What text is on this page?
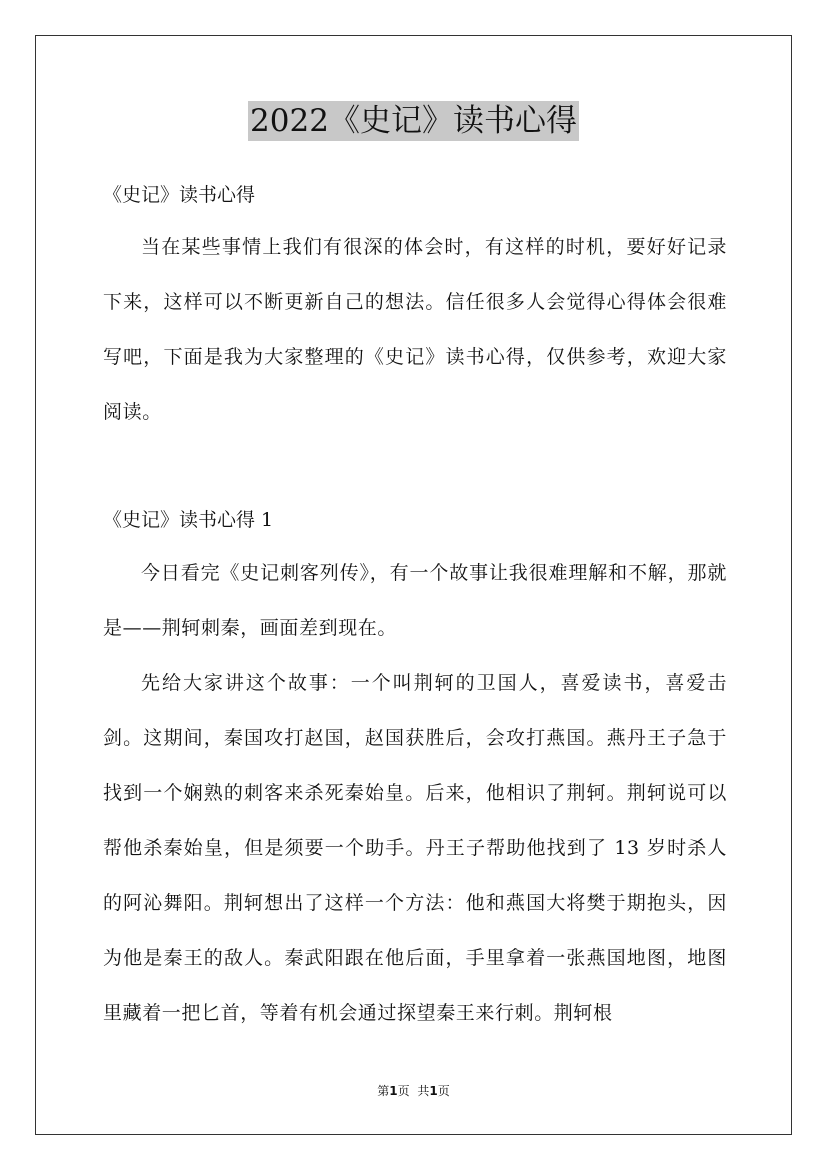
2022《史记》读书心得

《史记》读书心得

当在某些事情上我们有很深的体会时，有这样的时机，要好好记录下来，这样可以不断更新自己的想法。信任很多人会觉得心得体会很难写吧，下面是我为大家整理的《史记》读书心得，仅供参考，欢迎大家阅读。

《史记》读书心得 1

今日看完《史记刺客列传》，有一个故事让我很难理解和不解，那就是——荆轲刺秦，画面差到现在。

先给大家讲这个故事：一个叫荆轲的卫国人，喜爱读书，喜爱击剑。这期间，秦国攻打赵国，赵国获胜后，会攻打燕国。燕丹王子急于找到一个娴熟的刺客来杀死秦始皇。后来，他相识了荆轲。荆轲说可以帮他杀秦始皇，但是须要一个助手。丹王子帮助他找到了 13 岁时杀人的阿沁舞阳。荆轲想出了这样一个方法：他和燕国大将樊于期抱头，因为他是秦王的敌人。秦武阳跟在他后面，手里拿着一张燕国地图，地图里藏着一把匕首，等着有机会通过探望秦王来行刺。荆轲根

第1页 共1页
